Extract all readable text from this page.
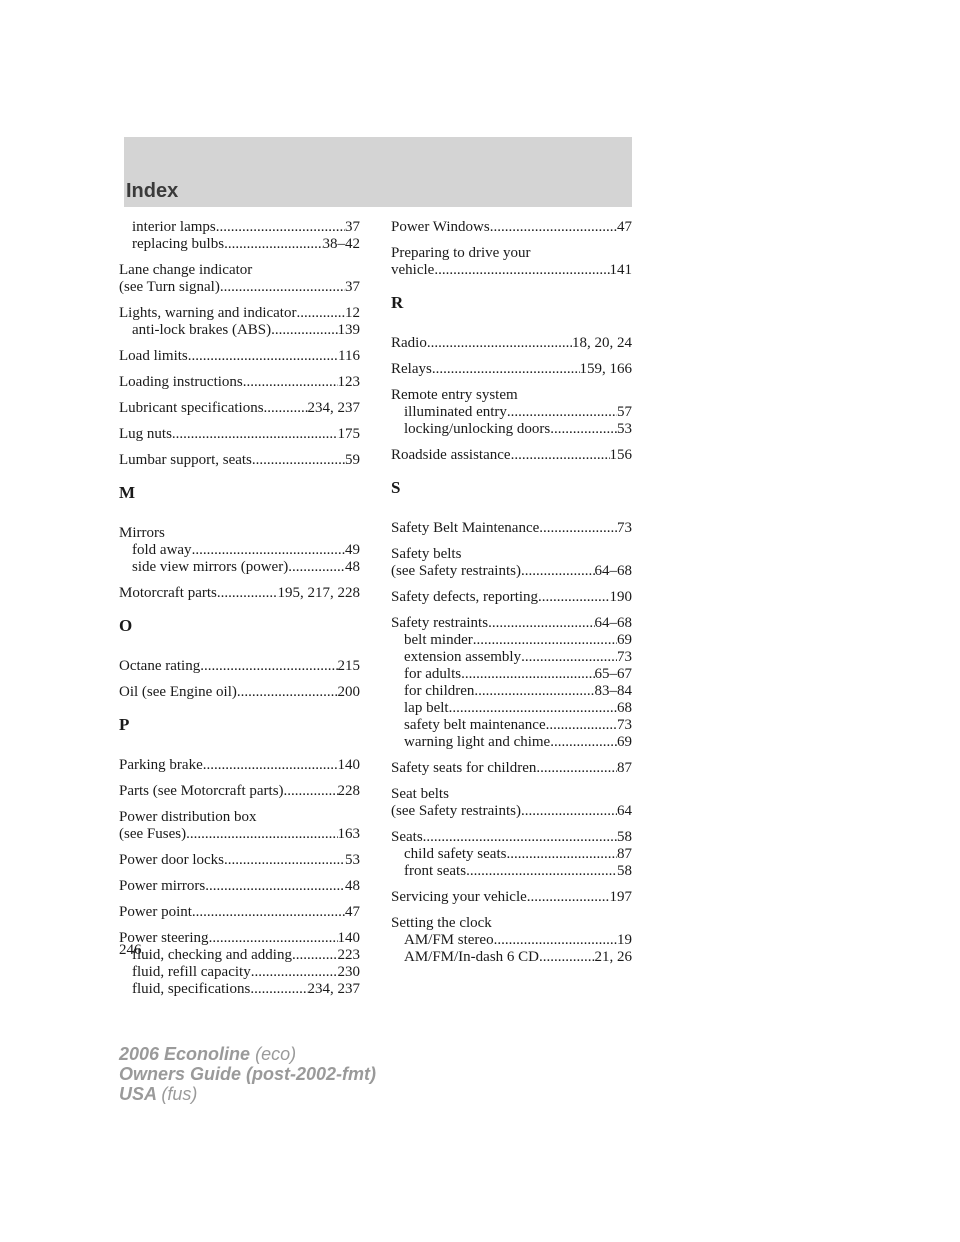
Index
interior lamps .....	37
replacing bulbs .....	38–42
Lane change indicator
(see Turn signal) .....	37
Lights, warning and indicator .....	12
anti-lock brakes (ABS) .....	139
Load limits .....	116
Loading instructions .....	123
Lubricant specifications .....	234, 237
Lug nuts .....	175
Lumbar support, seats .....	59
M
Mirrors
fold away .....	49
side view mirrors (power) .....	48
Motorcraft parts .....	195, 217, 228
O
Octane rating .....	215
Oil (see Engine oil) .....	200
P
Parking brake .....	140
Parts (see Motorcraft parts) .....	228
Power distribution box
(see Fuses) .....	163
Power door locks .....	53
Power mirrors .....	48
Power point .....	47
Power steering .....	140
fluid, checking and adding .....	223
fluid, refill capacity .....	230
fluid, specifications .....	234, 237
Power Windows .....	47
Preparing to drive your
vehicle .....	141
R
Radio .....	18, 20, 24
Relays .....	159, 166
Remote entry system
illuminated entry .....	57
locking/unlocking doors .....	53
Roadside assistance .....	156
S
Safety Belt Maintenance .....	73
Safety belts
(see Safety restraints) .....	64–68
Safety defects, reporting .....	190
Safety restraints .....	64–68
belt minder .....	69
extension assembly .....	73
for adults .....	65–67
for children .....	83–84
lap belt .....	68
safety belt maintenance .....	73
warning light and chime .....	69
Safety seats for children .....	87
Seat belts
(see Safety restraints) .....	64
Seats .....	58
child safety seats .....	87
front seats .....	58
Servicing your vehicle .....	197
Setting the clock
AM/FM stereo .....	19
AM/FM/In-dash 6 CD .....	21, 26
246
2006 Econoline (eco)
Owners Guide (post-2002-fmt)
USA (fus)
